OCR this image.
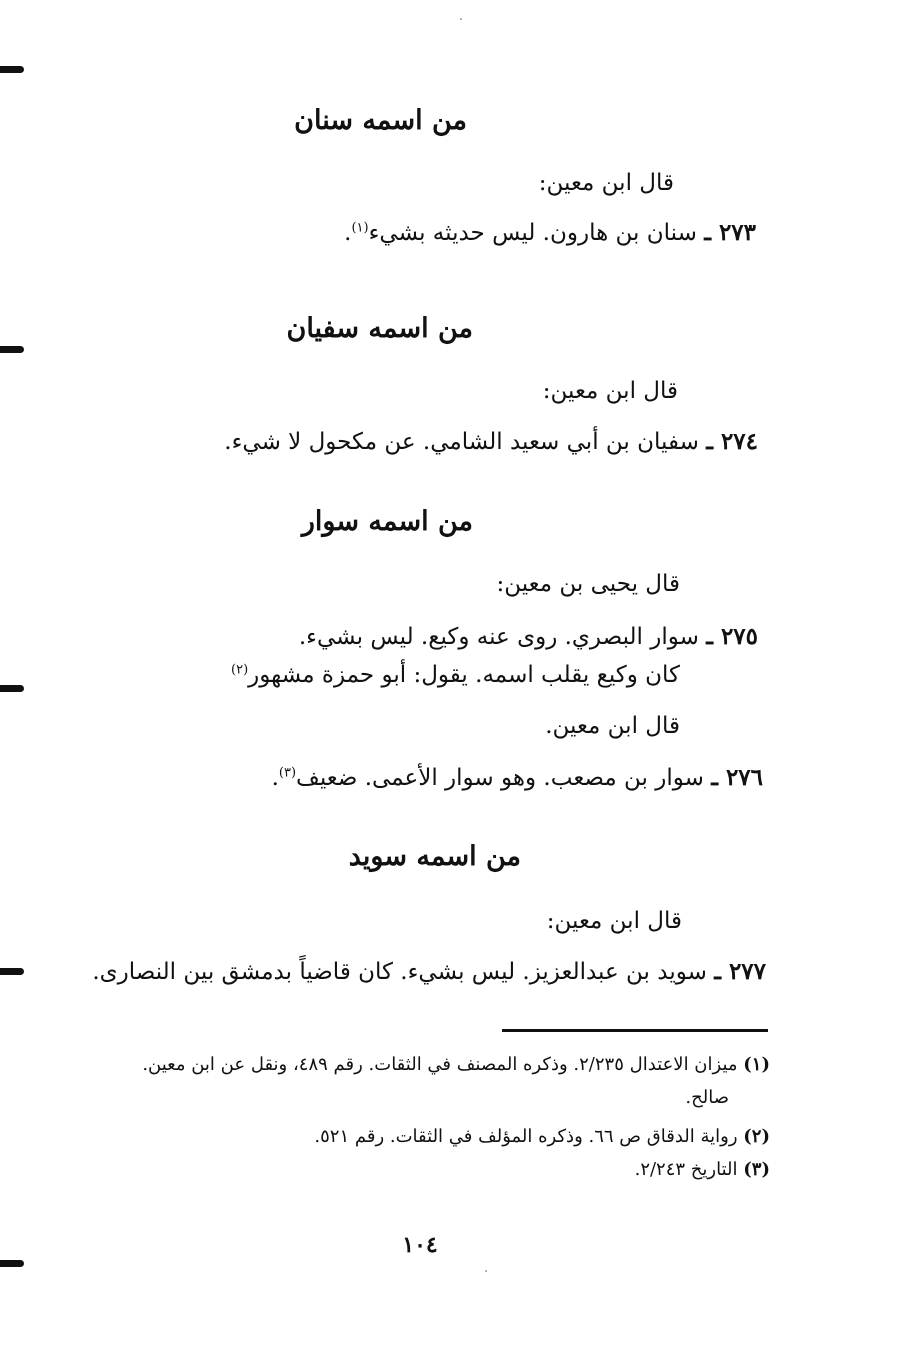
من اسمه سنان
قال ابن معين:
٢٧٣ ـ سنان بن هارون. ليس حديثه بشيء$^{(١)}$.
من اسمه سفيان
قال ابن معين:
٢٧٤ ـ سفيان بن أبي سعيد الشامي. عن مكحول لا شيء.
من اسمه سوار
قال يحيى بن معين:
٢٧٥ ـ سوار البصري. روى عنه وكيع. ليس بشيء.
كان وكيع يقلب اسمه. يقول: أبو حمزة مشهور$^{(٢)}$
قال ابن معين.
٢٧٦ ـ سوار بن مصعب. وهو سوار الأعمى. ضعيف$^{(٣)}$.
من اسمه سويد
قال ابن معين:
٢٧٧ ـ سويد بن عبدالعزيز. ليس بشيء. كان قاضياً بدمشق بين النصارى.
(١) ميزان الاعتدال ٢/٢٣٥. وذكره المصنف في الثقات. رقم ٤٨٩، ونقل عن ابن معين.
صالح.
(٢) رواية الدقاق ص ٦٦. وذكره المؤلف في الثقات. رقم ٥٢١.
(٣) التاريخ ٢/٢٤٣.
١٠٤
